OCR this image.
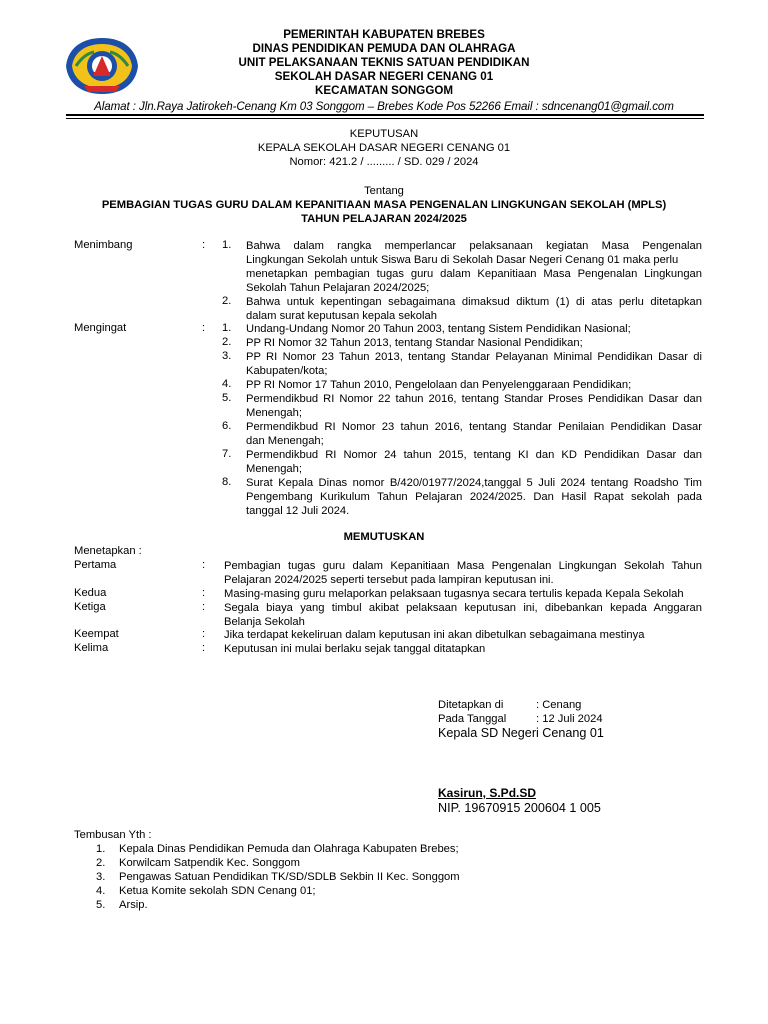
PEMERINTAH KABUPATEN BREBES
DINAS PENDIDIKAN PEMUDA DAN OLAHRAGA
UNIT PELAKSANAAN TEKNIS SATUAN PENDIDIKAN
SEKOLAH DASAR NEGERI CENANG 01
KECAMATAN SONGGOM
Alamat : Jln.Raya Jatirokeh-Cenang Km 03 Songgom – Brebes Kode Pos 52266 Email : sdncenang01@gmail.com
KEPUTUSAN
KEPALA SEKOLAH DASAR NEGERI CENANG 01
Nomor: 421.2 / ......... / SD. 029 / 2024
Tentang
PEMBAGIAN TUGAS GURU DALAM KEPANITIAAN MASA PENGENALAN LINGKUNGAN SEKOLAH (MPLS)
TAHUN PELAJARAN 2024/2025
Menimbang	: 1. Bahwa dalam rangka memperlancar pelaksanaan kegiatan Masa Pengenalan
Lingkungan Sekolah untuk Siswa Baru di Sekolah Dasar Negeri Cenang 01 maka perlu
menetapkan pembagian tugas guru dalam Kepanitiaan Masa Pengenalan Lingkungan
Sekolah Tahun Pelajaran 2024/2025;
2. Bahwa untuk kepentingan sebagaimana dimaksud diktum (1) di atas perlu ditetapkan
dalam surat keputusan kepala sekolah
Mengingat	: 1. Undang-Undang Nomor 20 Tahun 2003, tentang Sistem Pendidikan Nasional;
2. PP RI Nomor 32 Tahun 2013, tentang Standar Nasional Pendidikan;
3. PP RI Nomor 23 Tahun 2013, tentang Standar Pelayanan Minimal Pendidikan Dasar di
Kabupaten/kota;
4. PP RI Nomor 17 Tahun 2010, Pengelolaan dan Penyelenggaraan Pendidikan;
5. Permendikbud RI Nomor 22 tahun 2016, tentang Standar Proses Pendidikan Dasar dan
Menengah;
6. Permendikbud RI Nomor 23 tahun 2016, tentang Standar Penilaian Pendidikan Dasar
dan Menengah;
7. Permendikbud RI Nomor 24 tahun 2015, tentang KI dan KD Pendidikan Dasar dan
Menengah;
8. Surat Kepala Dinas nomor B/420/01977/2024,tanggal 5 Juli 2024 tentang Roadsho Tim
Pengembang Kurikulum Tahun Pelajaran 2024/2025. Dan Hasil Rapat sekolah pada
tanggal 12 Juli 2024.
MEMUTUSKAN
Menetapkan :
Pertama	: Pembagian tugas guru dalam Kepanitiaan Masa Pengenalan Lingkungan Sekolah Tahun
Pelajaran 2024/2025 seperti tersebut pada lampiran keputusan ini.
Kedua	: Masing-masing guru melaporkan pelaksaan tugasnya secara tertulis kepada Kepala Sekolah
Ketiga	: Segala biaya yang timbul akibat pelaksaan keputusan ini, dibebankan kepada Anggaran
Belanja Sekolah
Keempat	: Jika terdapat kekeliruan dalam keputusan ini akan dibetulkan sebagaimana mestinya
Kelima	: Keputusan ini mulai berlaku sejak tanggal ditatapkan
Ditetapkan di	: Cenang
Pada Tanggal	: 12 Juli 2024
Kepala SD Negeri Cenang 01
Kasirun, S.Pd.SD
NIP. 19670915 200604 1 005
Tembusan Yth :
1. Kepala Dinas Pendidikan Pemuda dan Olahraga Kabupaten Brebes;
2. Korwilcam Satpendik Kec. Songgom
3. Pengawas Satuan Pendidikan TK/SD/SDLB Sekbin II Kec. Songgom
4. Ketua Komite sekolah SDN Cenang 01;
5. Arsip.
